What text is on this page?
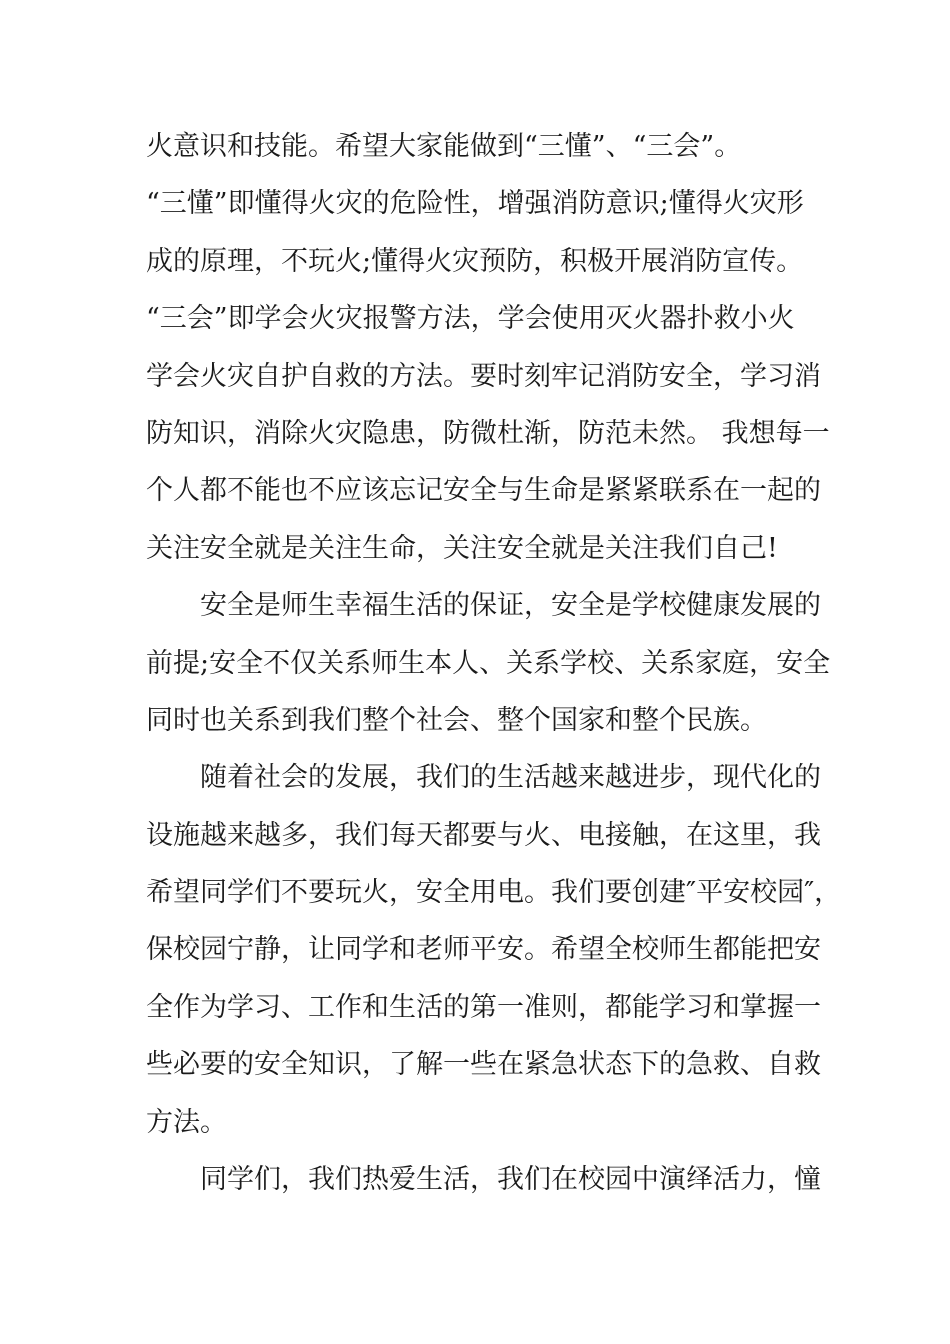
火意识和技能。希望大家能做到“三懂”、“三会”。
“三懂”即懂得火灾的危险性，增强消防意识;懂得火灾形
成的原理，不玩火;懂得火灾预防，积极开展消防宣传。
“三会”即学会火灾报警方法，学会使用灭火器扑救小火
学会火灾自护自救的方法。要时刻牢记消防安全，学习消
防知识，消除火灾隐患，防微杜渐，防范未然。 我想每一
个人都不能也不应该忘记安全与生命是紧紧联系在一起的
关注安全就是关注生命，关注安全就是关注我们自己!
安全是师生幸福生活的保证，安全是学校健康发展的
前提;安全不仅关系师生本人、关系学校、关系家庭，安全
同时也关系到我们整个社会、整个国家和整个民族。
随着社会的发展，我们的生活越来越进步，现代化的
设施越来越多，我们每天都要与火、电接触，在这里，我
希望同学们不要玩火，安全用电。我们要创建″平安校园″，
保校园宁静，让同学和老师平安。希望全校师生都能把安
全作为学习、工作和生活的第一准则，都能学习和掌握一
些必要的安全知识，了解一些在紧急状态下的急救、自救
方法。
同学们，我们热爱生活，我们在校园中演绎活力，憧
